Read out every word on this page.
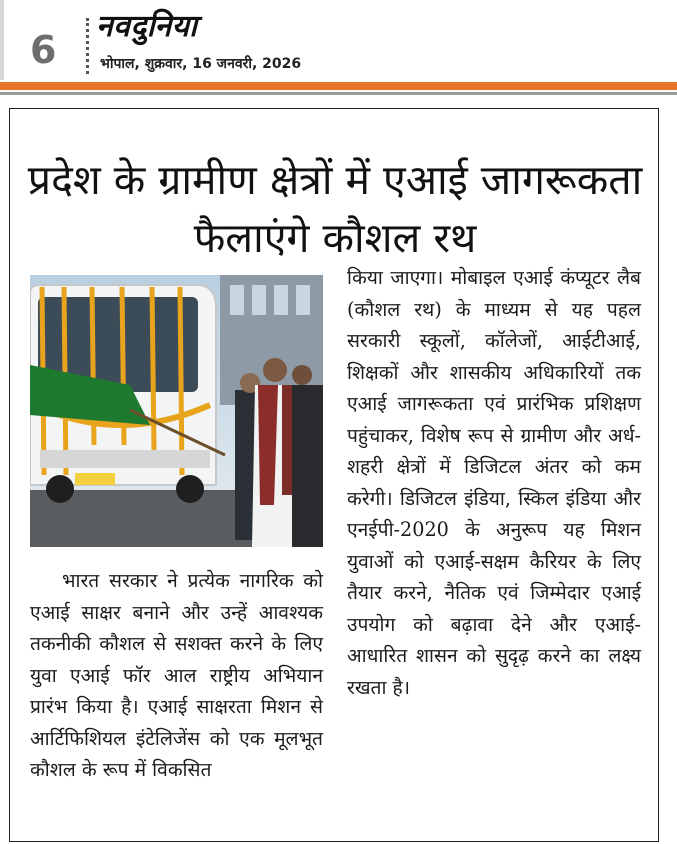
6
नवदुनिया
भोपाल, शुक्रवार, 16 जनवरी, 2026
प्रदेश के ग्रामीण क्षेत्रों में एआई जागरूकता फैलाएंगे कौशल रथ

भारत सरकार ने प्रत्येक नागरिक को एआई साक्षर बनाने और उन्हें आवश्यक तकनीकी कौशल से सशक्त करने के लिए युवा एआई फॉर आल राष्ट्रीय अभियान प्रारंभ किया है। एआई साक्षरता मिशन से आर्टिफिशियल इंटेलिजेंस को एक मूलभूत कौशल के रूप में विकसित

किया जाएगा। मोबाइल एआई कंप्यूटर लैब (कौशल रथ) के माध्यम से यह पहल सरकारी स्कूलों, कॉलेजों, आईटीआई, शिक्षकों और शासकीय अधिकारियों तक एआई जागरूकता एवं प्रारंभिक प्रशिक्षण पहुंचाकर, विशेष रूप से ग्रामीण और अर्ध-शहरी क्षेत्रों में डिजिटल अंतर को कम करेगी। डिजिटल इंडिया, स्किल इंडिया और एनईपी-2020 के अनुरूप यह मिशन युवाओं को एआई-सक्षम कैरियर के लिए तैयार करने, नैतिक एवं जिम्मेदार एआई उपयोग को बढ़ावा देने और एआई-आधारित शासन को सुदृढ़ करने का लक्ष्य रखता है।
